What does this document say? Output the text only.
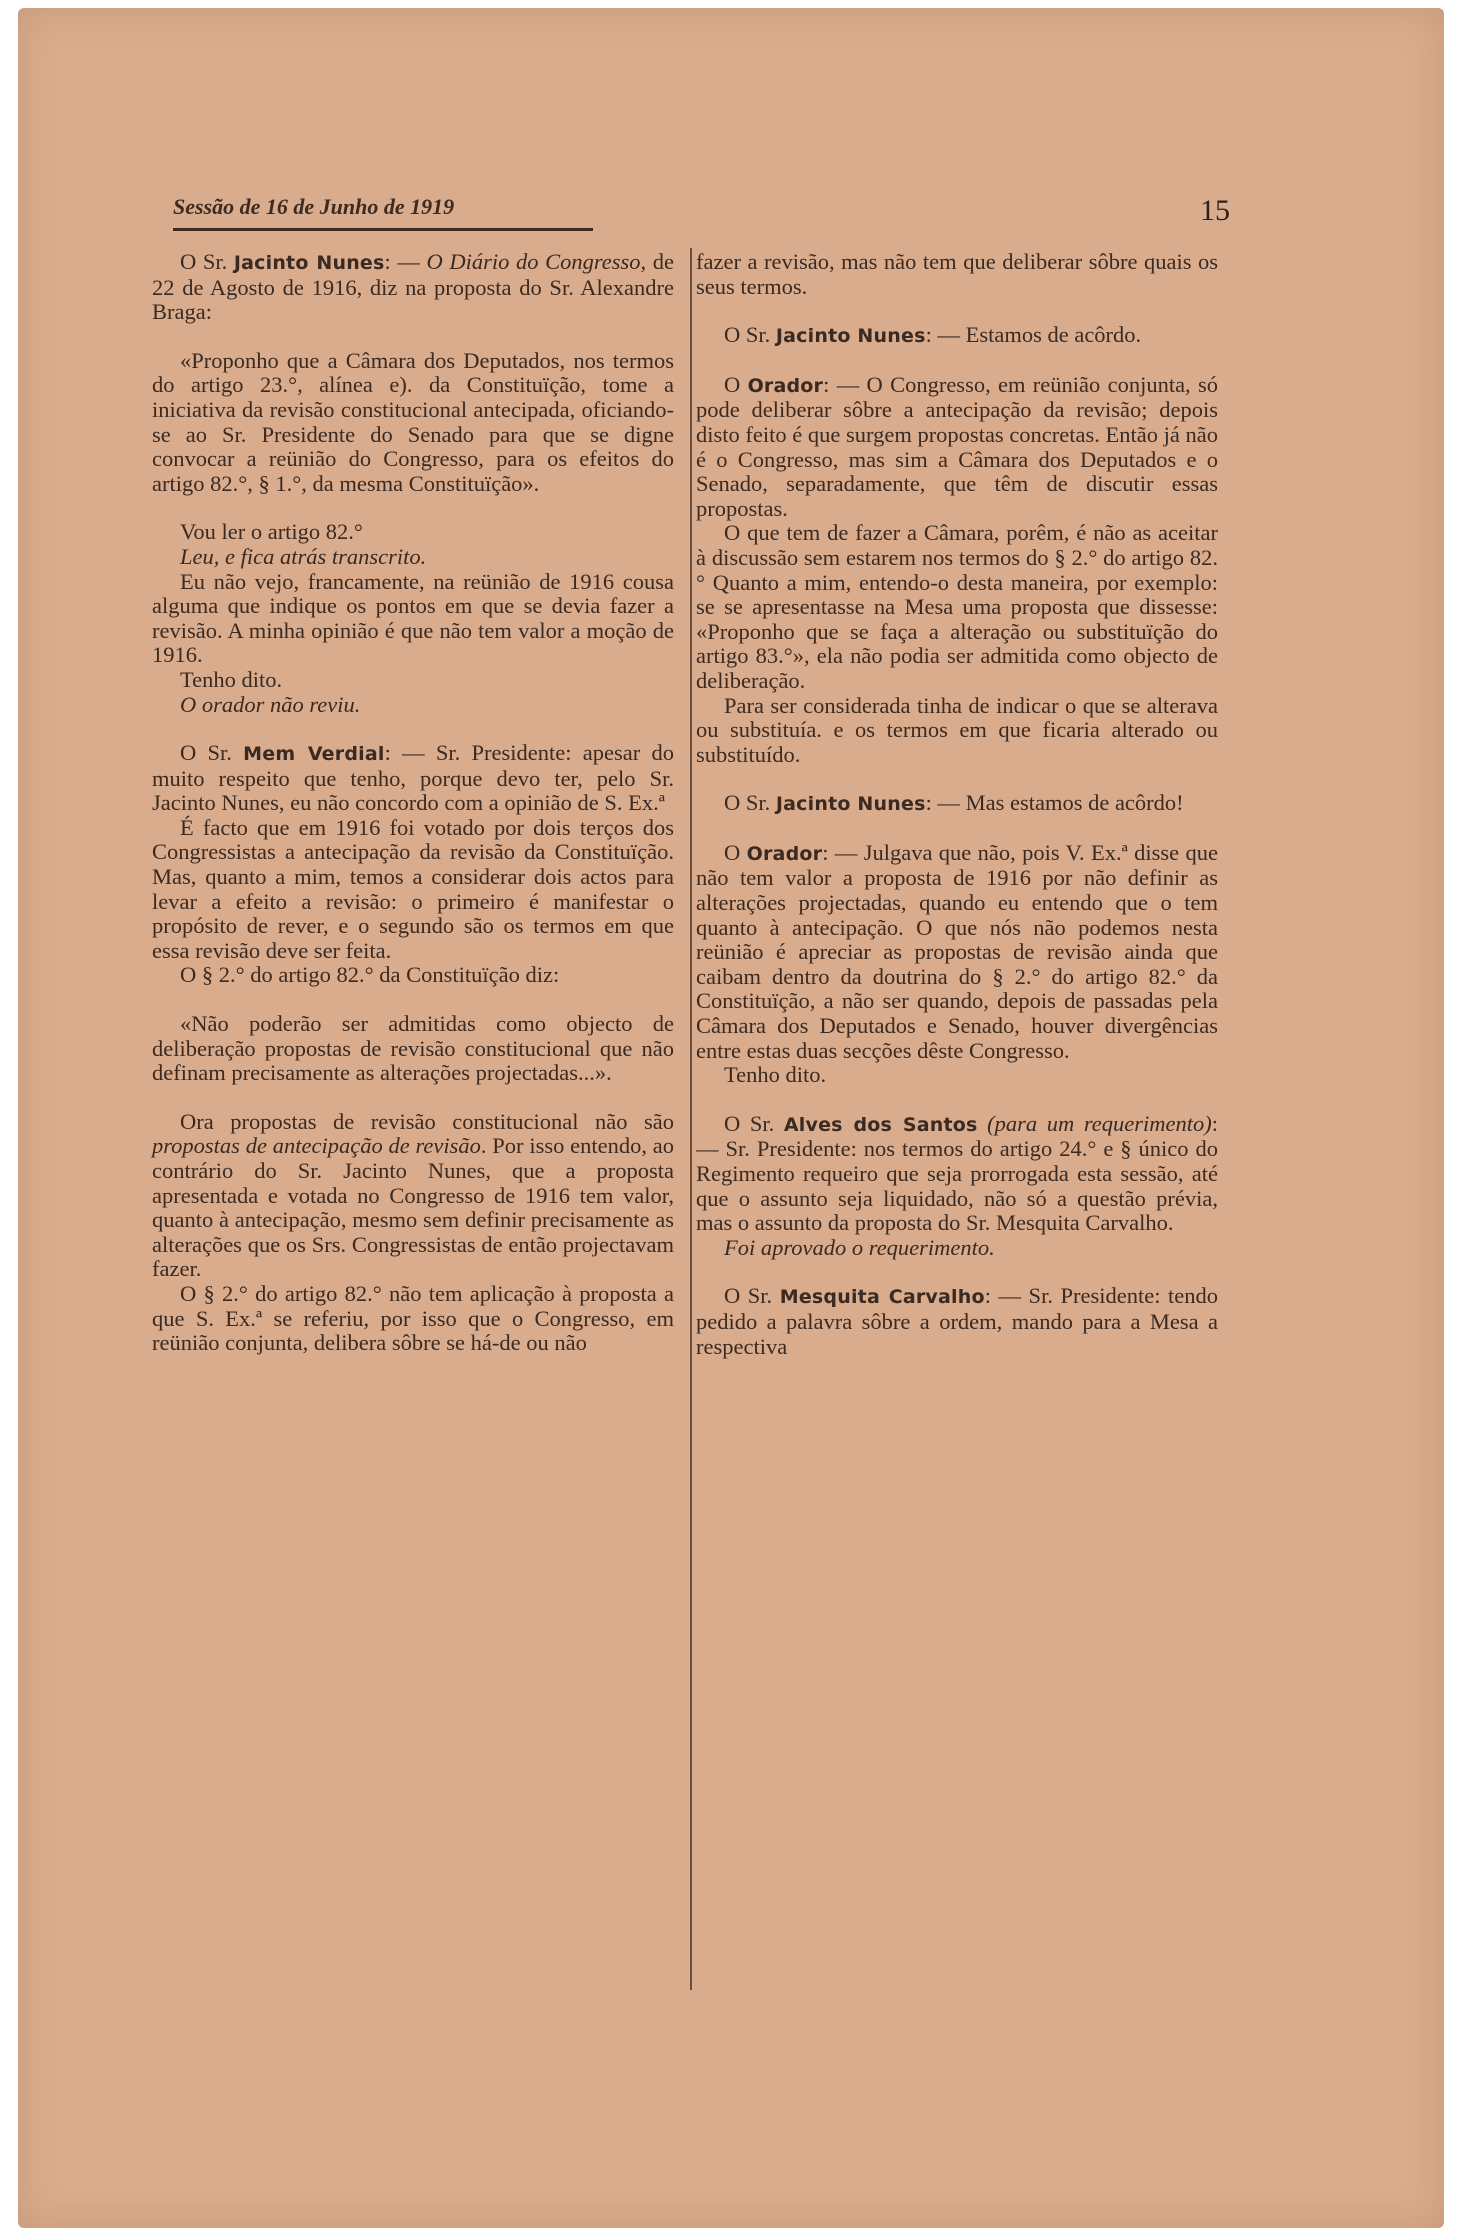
Sessão de 16 de Junho de 1919	15

O Sr. Jacinto Nunes: — O Diário do Congresso, de 22 de Agosto de 1916, diz na proposta do Sr. Alexandre Braga:

«Proponho que a Câmara dos Deputados, nos termos do artigo 23.°, alínea e). da Constituïção, tome a iniciativa da revisão constitucional antecipada, oficiando-se ao Sr. Presidente do Senado para que se digne convocar a reünião do Congresso, para os efeitos do artigo 82.°, § 1.°, da mesma Constituïção».

Vou ler o artigo 82.°

Leu, e fica atrás transcrito.

Eu não vejo, francamente, na reünião de 1916 cousa alguma que indique os pontos em que se devia fazer a revisão. A minha opinião é que não tem valor a moção de 1916.

Tenho dito.

O orador não reviu.

O Sr. Mem Verdial: — Sr. Presidente: apesar do muito respeito que tenho, porque devo ter, pelo Sr. Jacinto Nunes, eu não concordo com a opinião de S. Ex.ª

É facto que em 1916 foi votado por dois terços dos Congressistas a antecipação da revisão da Constituïção. Mas, quanto a mim, temos a considerar dois actos para levar a efeito a revisão: o primeiro é manifestar o propósito de rever, e o segundo são os termos em que essa revisão deve ser feita.

O § 2.° do artigo 82.° da Constituïção diz:

«Não poderão ser admitidas como objecto de deliberação propostas de revisão constitucional que não definam precisamente as alterações projectadas...».

Ora propostas de revisão constitucional não são propostas de antecipação de revisão. Por isso entendo, ao contrário do Sr. Jacinto Nunes, que a proposta apresentada e votada no Congresso de 1916 tem valor, quanto à antecipação, mesmo sem definir precisamente as alterações que os Srs. Congressistas de então projectavam fazer.

O § 2.° do artigo 82.° não tem aplicação à proposta a que S. Ex.ª se referiu, por isso que o Congresso, em reünião conjunta, delibera sôbre se há-de ou não

fazer a revisão, mas não tem que deliberar sôbre quais os seus termos.

O Sr. Jacinto Nunes: — Estamos de acôrdo.

O Orador: — O Congresso, em reünião conjunta, só pode deliberar sôbre a antecipação da revisão; depois disto feito é que surgem propostas concretas. Então já não é o Congresso, mas sim a Câmara dos Deputados e o Senado, separadamente, que têm de discutir essas propostas.

O que tem de fazer a Câmara, porêm, é não as aceitar à discussão sem estarem nos termos do § 2.° do artigo 82.° Quanto a mim, entendo-o desta maneira, por exemplo: se se apresentasse na Mesa uma proposta que dissesse: «Proponho que se faça a alteração ou substituïção do artigo 83.°», ela não podia ser admitida como objecto de deliberação.

Para ser considerada tinha de indicar o que se alterava ou substituía. e os termos em que ficaria alterado ou substituído.

O Sr. Jacinto Nunes: — Mas estamos de acôrdo!

O Orador: — Julgava que não, pois V. Ex.ª disse que não tem valor a proposta de 1916 por não definir as alterações projectadas, quando eu entendo que o tem quanto à antecipação. O que nós não podemos nesta reünião é apreciar as propostas de revisão ainda que caibam dentro da doutrina do § 2.° do artigo 82.° da Constituïção, a não ser quando, depois de passadas pela Câmara dos Deputados e Senado, houver divergências entre estas duas secções dêste Congresso.

Tenho dito.

O Sr. Alves dos Santos (para um requerimento): — Sr. Presidente: nos termos do artigo 24.° e § único do Regimento requeiro que seja prorrogada esta sessão, até que o assunto seja liquidado, não só a questão prévia, mas o assunto da proposta do Sr. Mesquita Carvalho.

Foi aprovado o requerimento.

O Sr. Mesquita Carvalho: — Sr. Presidente: tendo pedido a palavra sôbre a ordem, mando para a Mesa a respectiva
